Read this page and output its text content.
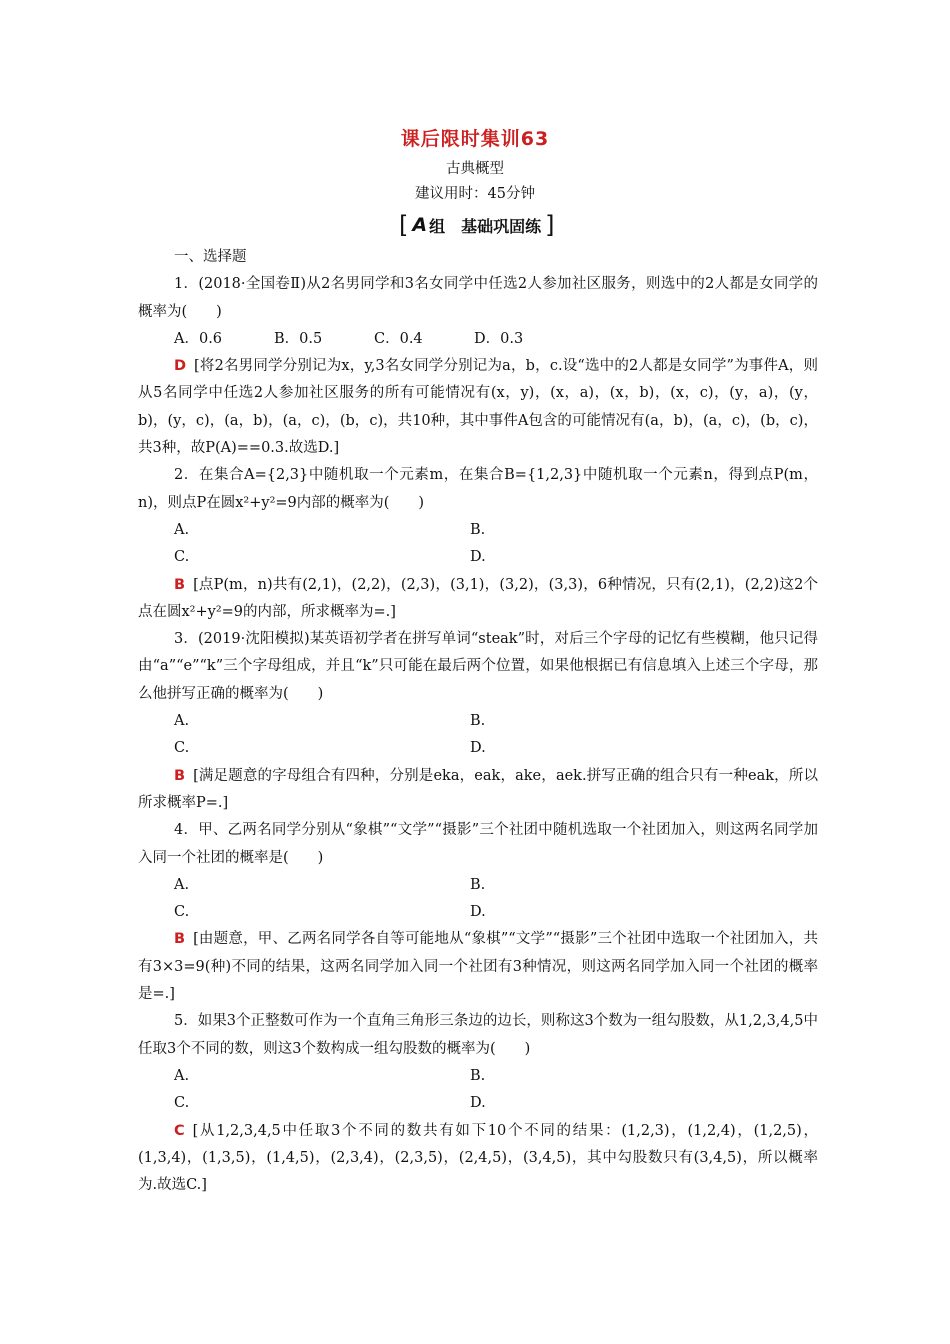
课后限时集训63
古典概型
建议用时：45分钟
[ A 组　基础巩固练 ]

一、选择题

1．(2018·全国卷Ⅱ)从2名男同学和3名女同学中任选2人参加社区服务，则选中的2人都是女同学的概率为(　　)

A．0.6	B．0.5	C．0.4	D．0.3

D [将2名男同学分别记为x，y,3名女同学分别记为a，b，c.设“选中的2人都是女同学”为事件A，则从5名同学中任选2人参加社区服务的所有可能情况有(x，y)，(x，a)，(x，b)，(x，c)，(y，a)，(y，b)，(y，c)，(a，b)，(a，c)，(b，c)，共10种，其中事件A包含的可能情况有(a，b)，(a，c)，(b，c)，共3种，故P(A)==0.3.故选D.]

2．在集合A={2,3}中随机取一个元素m，在集合B={1,2,3}中随机取一个元素n，得到点P(m，n)，则点P在圆x²+y²=9内部的概率为(　　)

A.	B.
C.	D.

B [点P(m，n)共有(2,1)，(2,2)，(2,3)，(3,1)，(3,2)，(3,3)，6种情况，只有(2,1)，(2,2)这2个点在圆x²+y²=9的内部，所求概率为=.]

3．(2019·沈阳模拟)某英语初学者在拼写单词“steak”时，对后三个字母的记忆有些模糊，他只记得由“a”“e”“k”三个字母组成，并且“k”只可能在最后两个位置，如果他根据已有信息填入上述三个字母，那么他拼写正确的概率为(　　)

A.	B.
C.	D.

B [满足题意的字母组合有四种，分别是eka，eak，ake，aek.拼写正确的组合只有一种eak，所以所求概率P=.]

4．甲、乙两名同学分别从“象棋”“文学”“摄影”三个社团中随机选取一个社团加入，则这两名同学加入同一个社团的概率是(　　)

A.	B.
C.	D.

B [由题意，甲、乙两名同学各自等可能地从“象棋”“文学”“摄影”三个社团中选取一个社团加入，共有3×3=9(种)不同的结果，这两名同学加入同一个社团有3种情况，则这两名同学加入同一个社团的概率是=.]

5．如果3个正整数可作为一个直角三角形三条边的边长，则称这3个数为一组勾股数，从1,2,3,4,5中任取3个不同的数，则这3个数构成一组勾股数的概率为(　　)

A.	B.
C.	D.

C [从1,2,3,4,5中任取3个不同的数共有如下10个不同的结果：(1,2,3)，(1,2,4)，(1,2,5)，(1,3,4)，(1,3,5)，(1,4,5)，(2,3,4)，(2,3,5)，(2,4,5)，(3,4,5)，其中勾股数只有(3,4,5)，所以概率为.故选C.]
